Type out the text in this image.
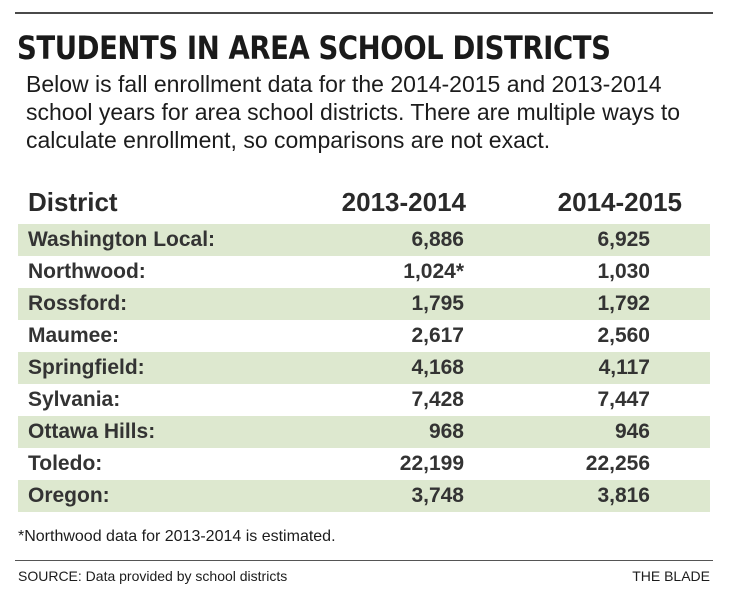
STUDENTS IN AREA SCHOOL DISTRICTS
Below is fall enrollment data for the 2014-2015 and 2013-2014 school years for area school districts. There are multiple ways to calculate enrollment, so comparisons are not exact.
District	2013-2014	2014-2015
Washington Local:	6,886	6,925
Northwood:	1,024*	1,030
Rossford:	1,795	1,792
Maumee:	2,617	2,560
Springfield:	4,168	4,117
Sylvania:	7,428	7,447
Ottawa Hills:	968	946
Toledo:	22,199	22,256
Oregon:	3,748	3,816
*Northwood data for 2013-2014 is estimated.
SOURCE: Data provided by school districts	THE BLADE
